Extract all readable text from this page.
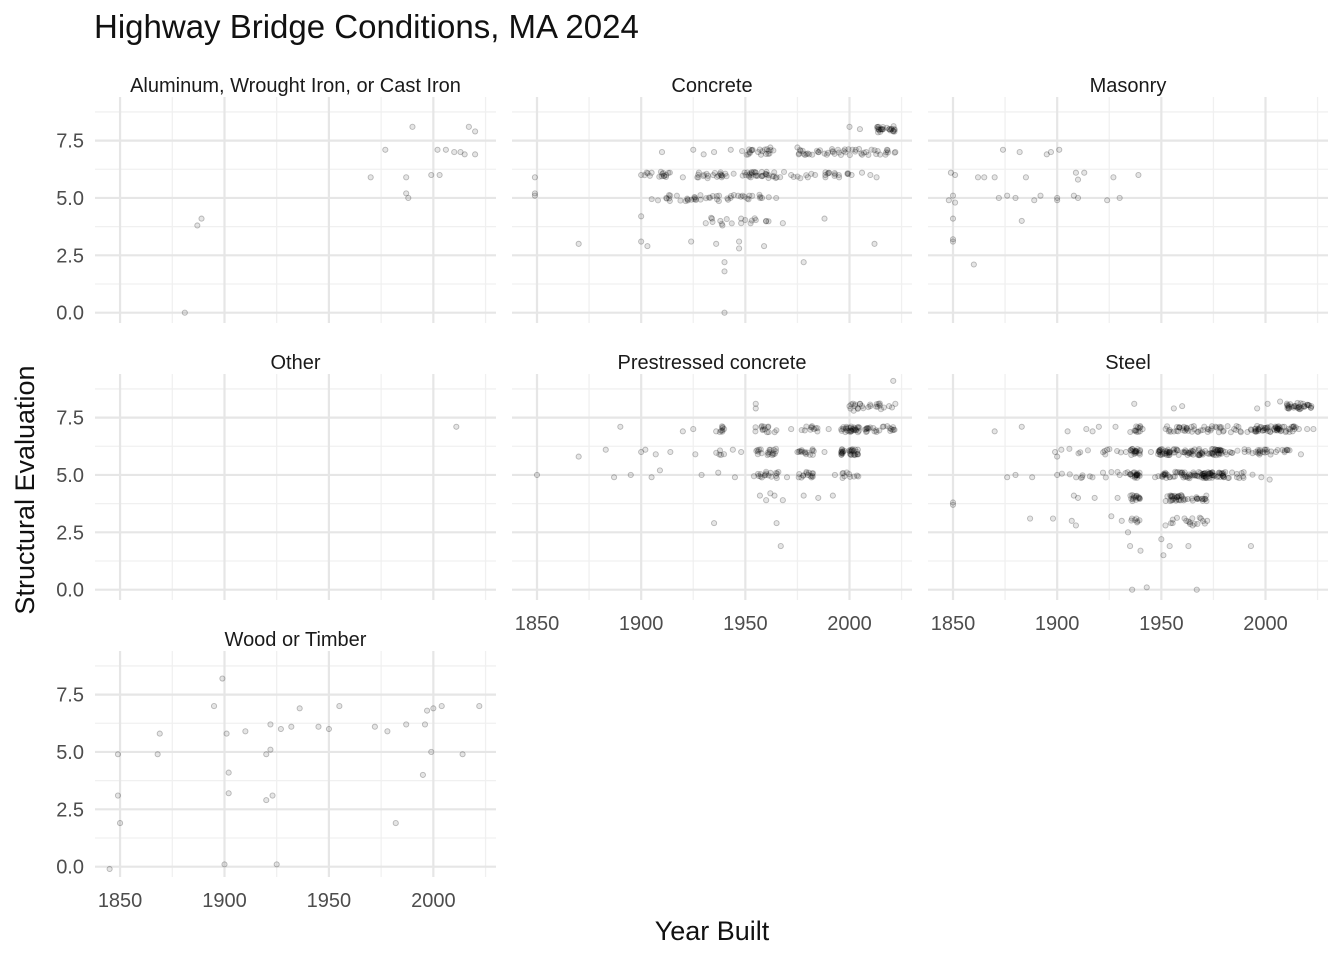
Highway Bridge Conditions, MA 2024
Aluminum, Wrought Iron, or Cast Iron
0.0
2.5
5.0
7.5
Concrete	Masonry
Other
0.0
2.5
5.0
7.5
Prestressed concrete
1850	1900	1950	2000
Steel
1850	1900	1950	2000
Wood or Timber
0.0
2.5
5.0
7.5
1850	1900	1950	2000
Year Built
Structural Evaluation
